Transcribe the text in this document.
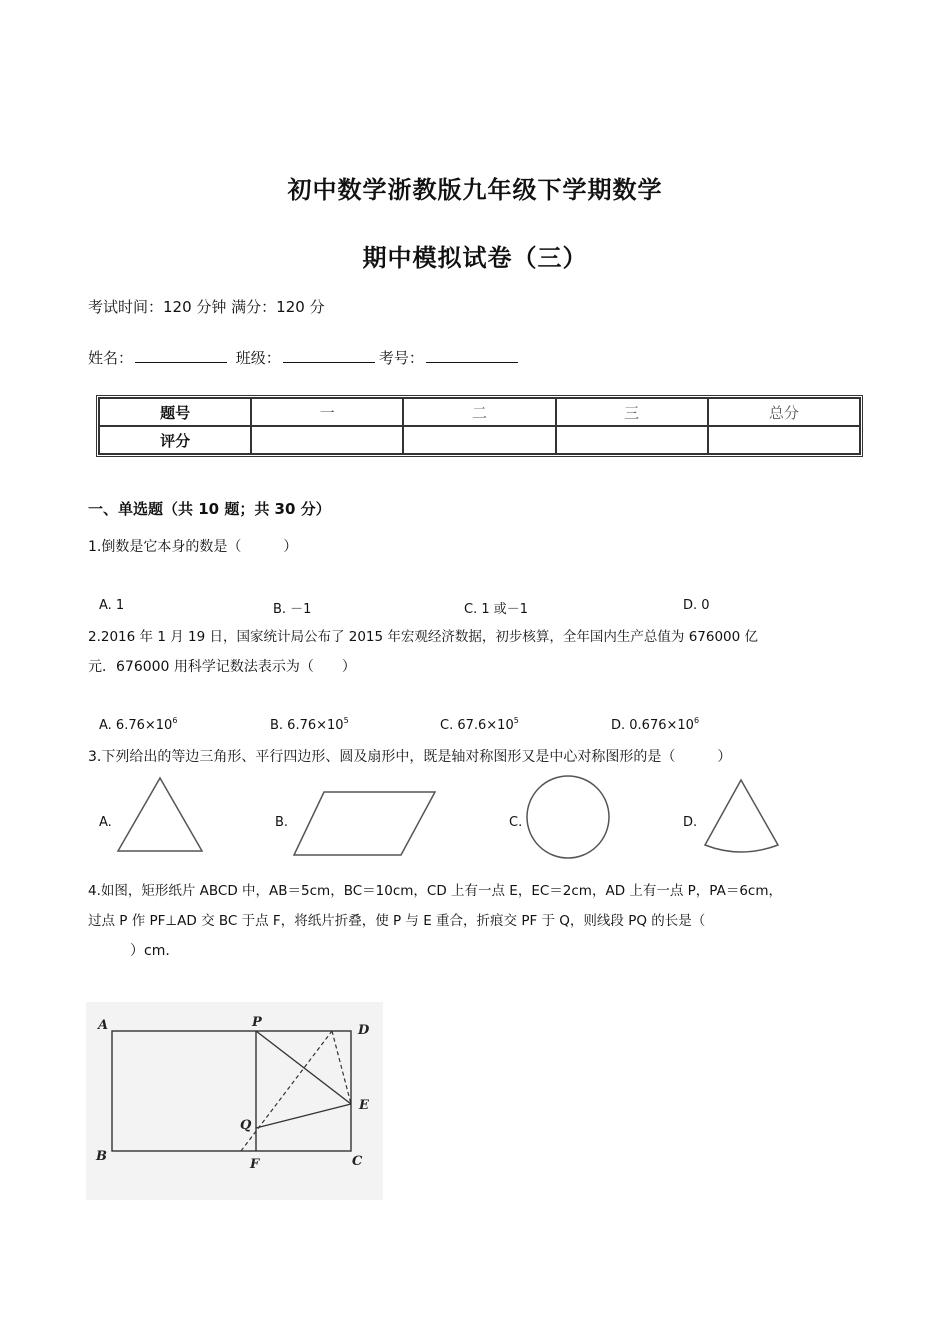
初中数学浙教版九年级下学期数学
期中模拟试卷（三）
考试时间：120 分钟 满分：120 分
姓名：	班级：	考号：
题号	一	二	三	总分
评分				
一、单选题（共 10 题；共 30 分）
1.倒数是它本身的数是（　　　）
A. 1	B. －1	C. 1 或－1	D. 0
2.2016 年 1 月 19 日，国家统计局公布了 2015 年宏观经济数据，初步核算，全年国内生产总值为 676000 亿
元．676000 用科学记数法表示为（　　）
A. $6.76\times 10^6$	B. $6.76\times 10^5$	C. $67.6\times 10^5$	D. $0.676\times 10^6$
3.下列给出的等边三角形、平行四边形、圆及扇形中，既是轴对称图形又是中心对称图形的是（　　　）
A.	B.	C.	D.
4.如图，矩形纸片 ABCD 中，AB＝5cm，BC＝10cm，CD 上有一点 E，EC＝2cm，AD 上有一点 P，PA＝6cm，
过点 P 作 PF⊥AD 交 BC 于点 F，将纸片折叠，使 P 与 E 重合，折痕交 PF 于 Q，则线段 PQ 的长是（
　　　）cm.
A
B	C
D
P
Q
E
F
